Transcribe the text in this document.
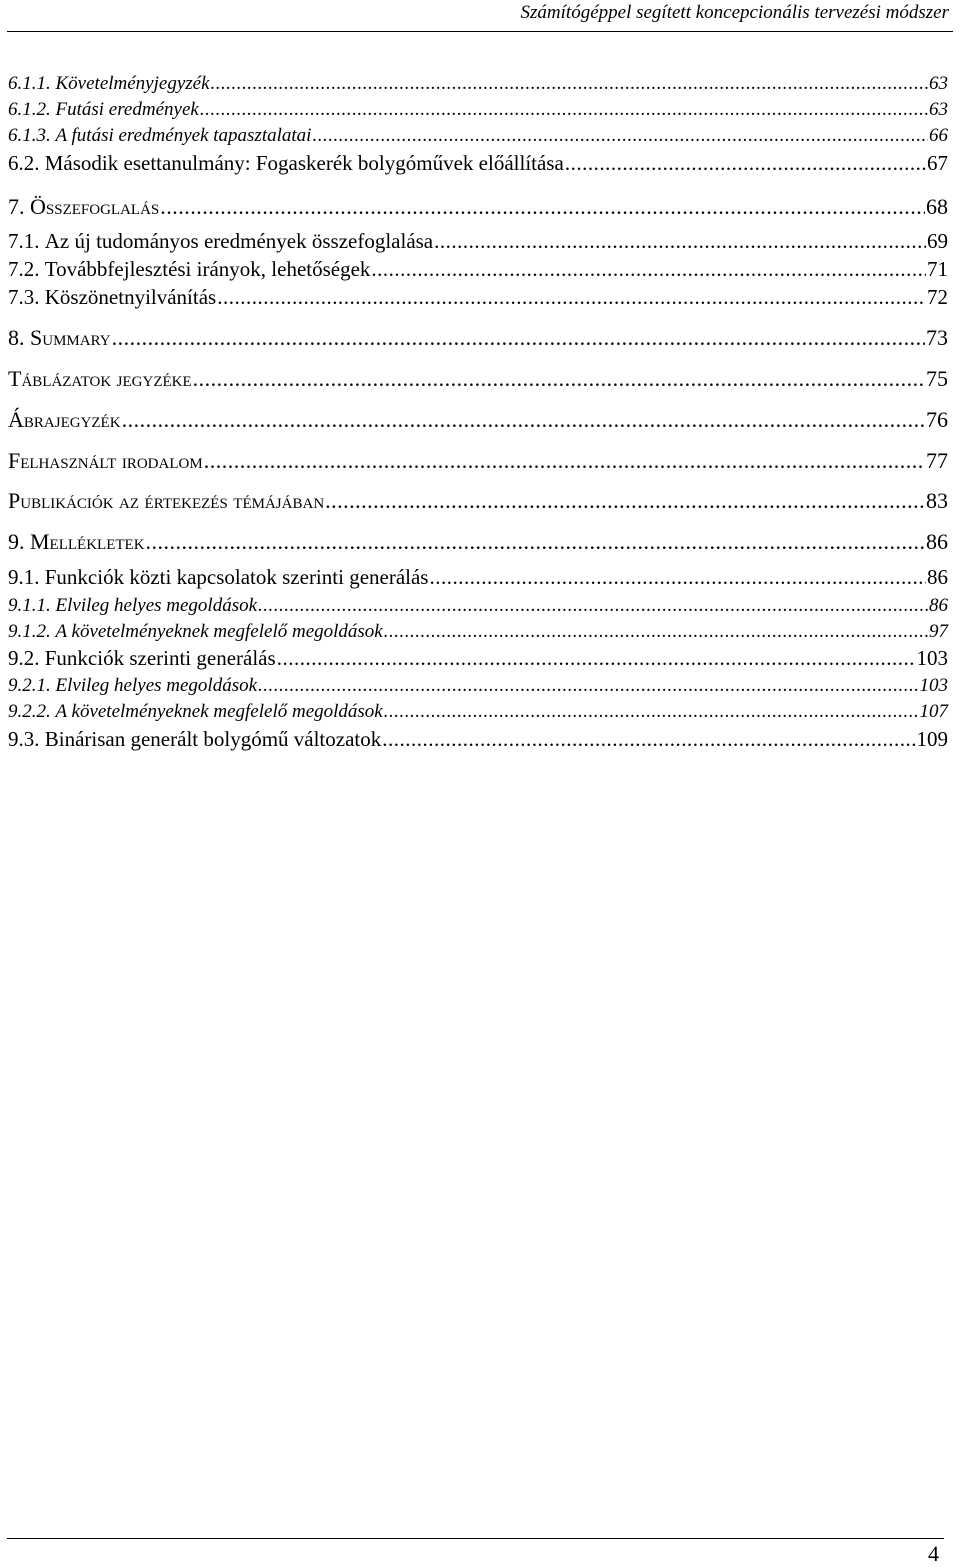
Számítógéppel segített koncepcionális tervezési módszer
6.1.1.
Követelményjegyzék .....	63
6.1.2.
Futási eredmények .....	63
6.1.3.
A futási eredmények tapasztalatai .....	66
6.2.
Második esettanulmány: Fogaskerék bolygóművek előállítása .....	67
7.
Összefoglalás .....	68
7.1.
Az új tudományos eredmények összefoglalása .....	69
7.2.
Továbbfejlesztési irányok, lehetőségek .....	71
7.3.
Köszönetnyilvánítás .....	72
8.
Summary .....	73
Táblázatok jegyzéke .....	75
Ábrajegyzék .....	76
Felhasznált irodalom .....	77
Publikációk az értekezés témájában .....	83
9.
Mellékletek .....	86
9.1.
Funkciók közti kapcsolatok szerinti generálás .....	86
9.1.1.
Elvileg helyes megoldások .....	86
9.1.2.
A követelményeknek megfelelő megoldások .....	97
9.2.
Funkciók szerinti generálás .....	103
9.2.1.
Elvileg helyes megoldások .....	103
9.2.2.
A követelményeknek megfelelő megoldások .....	107
9.3.
Binárisan generált bolygómű változatok .....	109
4
